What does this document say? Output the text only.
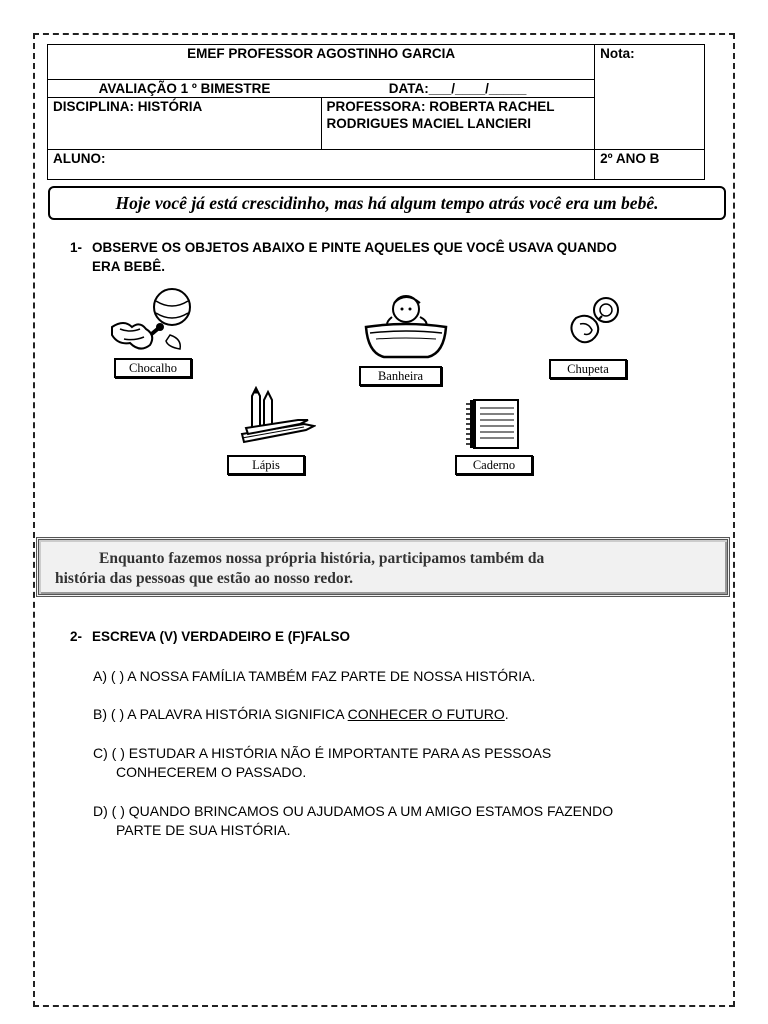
EMEF PROFESSOR AGOSTINHO GARCIA		Nota:
AVALIAÇÃO 1 º BIMESTRE	DATA:___/____/_____	
DISCIPLINA: HISTÓRIA	PROFESSORA: ROBERTA RACHEL RODRIGUES MACIEL LANCIERI	
ALUNO:		2º ANO B
Hoje você já está crescidinho, mas há algum tempo atrás você era um bebê.
1- OBSERVE OS OBJETOS ABAIXO E PINTE AQUELES QUE VOCÊ USAVA QUANDO
ERA BEBÊ.
Chocalho
Banheira	Chupeta
Lápis	Caderno
Enquanto fazemos nossa própria história, participamos também da
história das pessoas que estão ao nosso redor.
2- ESCREVA (V) VERDADEIRO E (F)FALSO
A) ( ) A NOSSA FAMÍLIA TAMBÉM FAZ PARTE DE NOSSA HISTÓRIA.
B) ( ) A PALAVRA HISTÓRIA SIGNIFICA CONHECER O FUTURO.
C) ( ) ESTUDAR A HISTÓRIA NÃO É IMPORTANTE PARA AS PESSOAS
CONHECEREM O PASSADO.
D) ( ) QUANDO BRINCAMOS OU AJUDAMOS A UM AMIGO ESTAMOS FAZENDO
PARTE DE SUA HISTÓRIA.
